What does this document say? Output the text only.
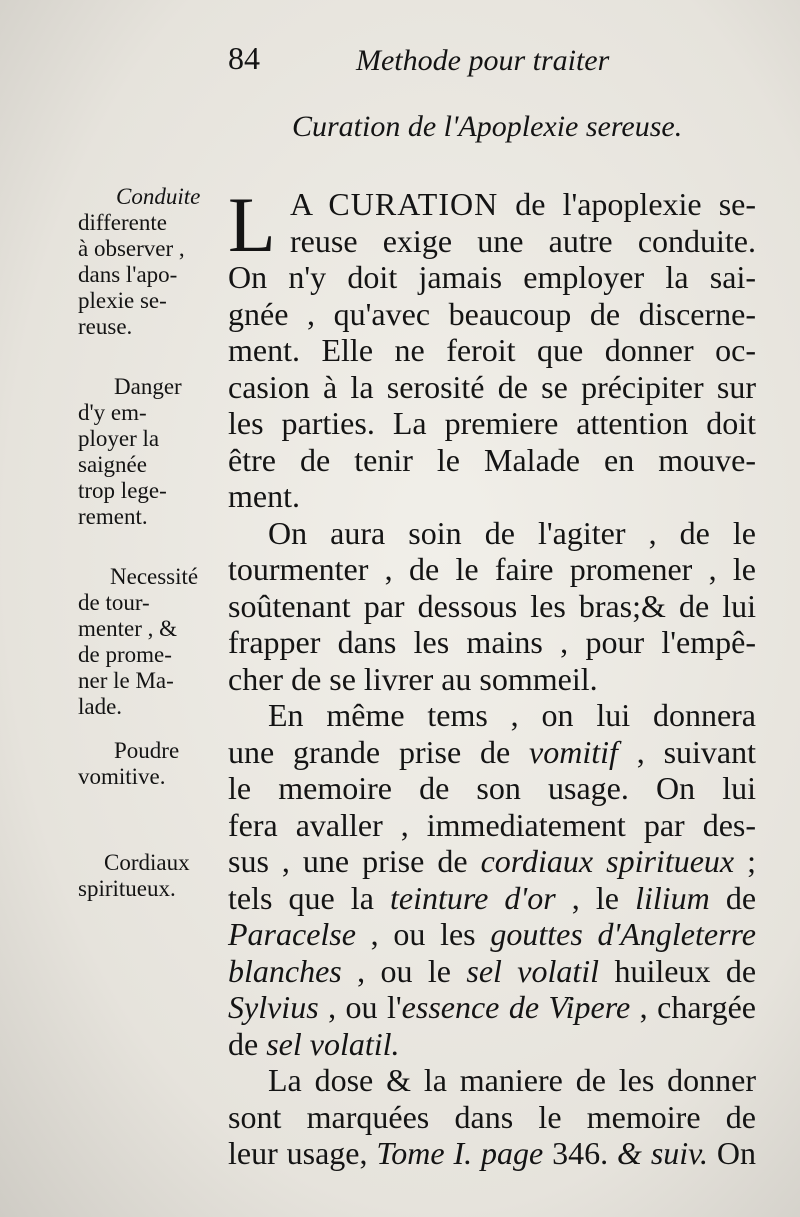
84	Methode pour traiter
Curation de l'Apoplexie sereuse.
Conduite
differente
à observer ,
dans l'apo-
plexie se-
reuse.
Danger
d'y em-
ployer la
saignée
trop lege-
rement.
Necessité
de tour-
menter , &
de prome-
ner le Ma-
lade.
Poudre
vomitive.
Cordiaux
spiritueux.
L A CURATION de l'apoplexie se-
reuse exige une autre conduite.
On n'y doit jamais employer la sai-
gnée , qu'avec beaucoup de discerne-
ment. Elle ne feroit que donner oc-
casion à la serosité de se précipiter sur
les parties. La premiere attention doit
être de tenir le Malade en mouve-
ment.
On aura soin de l'agiter , de le
tourmenter , de le faire promener , le
soûtenant par dessous les bras;& de lui
frapper dans les mains , pour l'empê-
cher de se livrer au sommeil.
En même tems , on lui donnera
une grande prise de vomitif , suivant
le memoire de son usage. On lui
fera avaller , immediatement par des-
sus , une prise de cordiaux spiritueux ;
tels que la teinture d'or , le lilium de
Paracelse , ou les gouttes d'Angleterre
blanches , ou le sel volatil huileux de
Sylvius , ou l'essence de Vipere , chargée
de sel volatil.
La dose & la maniere de les donner
sont marquées dans le memoire de
leur usage, Tome I. page 346. & suiv. On
